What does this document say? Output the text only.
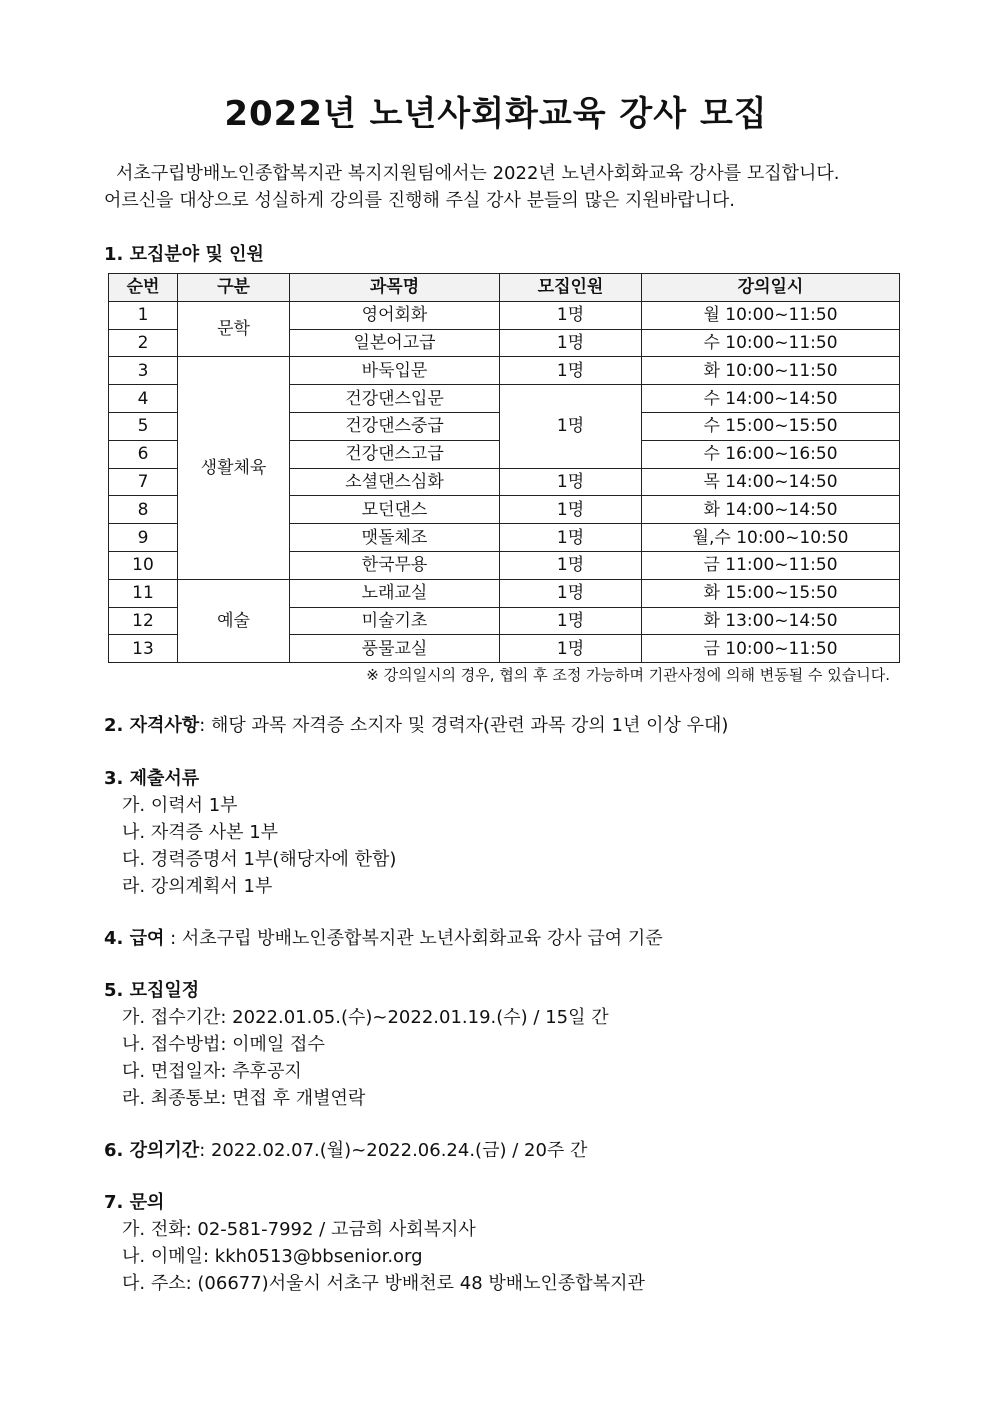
2022년 노년사회화교육 강사 모집

서초구립방배노인종합복지관 복지지원팀에서는 2022년 노년사회화교육 강사를 모집합니다.

어르신을 대상으로 성실하게 강의를 진행해 주실 강사 분들의 많은 지원바랍니다.

1. 모집분야 및 인원
순번	구분	과목명	모집인원	강의일시
1	문학	영어회화	1명	월 10:00~11:50
2		일본어고급	1명	수 10:00~11:50
3	생활체육	바둑입문	1명	화 10:00~11:50
4		건강댄스입문	1명	수 14:00~14:50
5		건강댄스중급		수 15:00~15:50
6		건강댄스고급		수 16:00~16:50
7		소셜댄스심화	1명	목 14:00~14:50
8		모던댄스	1명	화 14:00~14:50
9		맷돌체조	1명	월,수 10:00~10:50
10		한국무용	1명	금 11:00~11:50
11	예술	노래교실	1명	화 15:00~15:50
12		미술기초	1명	화 13:00~14:50
13		풍물교실	1명	금 10:00~11:50
※ 강의일시의 경우, 협의 후 조정 가능하며 기관사정에 의해 변동될 수 있습니다.
2. 자격사항: 해당 과목 자격증 소지자 및 경력자(관련 과목 강의 1년 이상 우대)
3. 제출서류
가. 이력서 1부
나. 자격증 사본 1부
다. 경력증명서 1부(해당자에 한함)
라. 강의계획서 1부
4. 급여 : 서초구립 방배노인종합복지관 노년사회화교육 강사 급여 기준
5. 모집일정
가. 접수기간: 2022.01.05.(수)~2022.01.19.(수) / 15일 간
나. 접수방법: 이메일 접수
다. 면접일자: 추후공지
라. 최종통보: 면접 후 개별연락
6. 강의기간: 2022.02.07.(월)~2022.06.24.(금) / 20주 간
7. 문의
가. 전화: 02-581-7992 / 고금희 사회복지사
나. 이메일: kkh0513@bbsenior.org
다. 주소: (06677)서울시 서초구 방배천로 48 방배노인종합복지관
